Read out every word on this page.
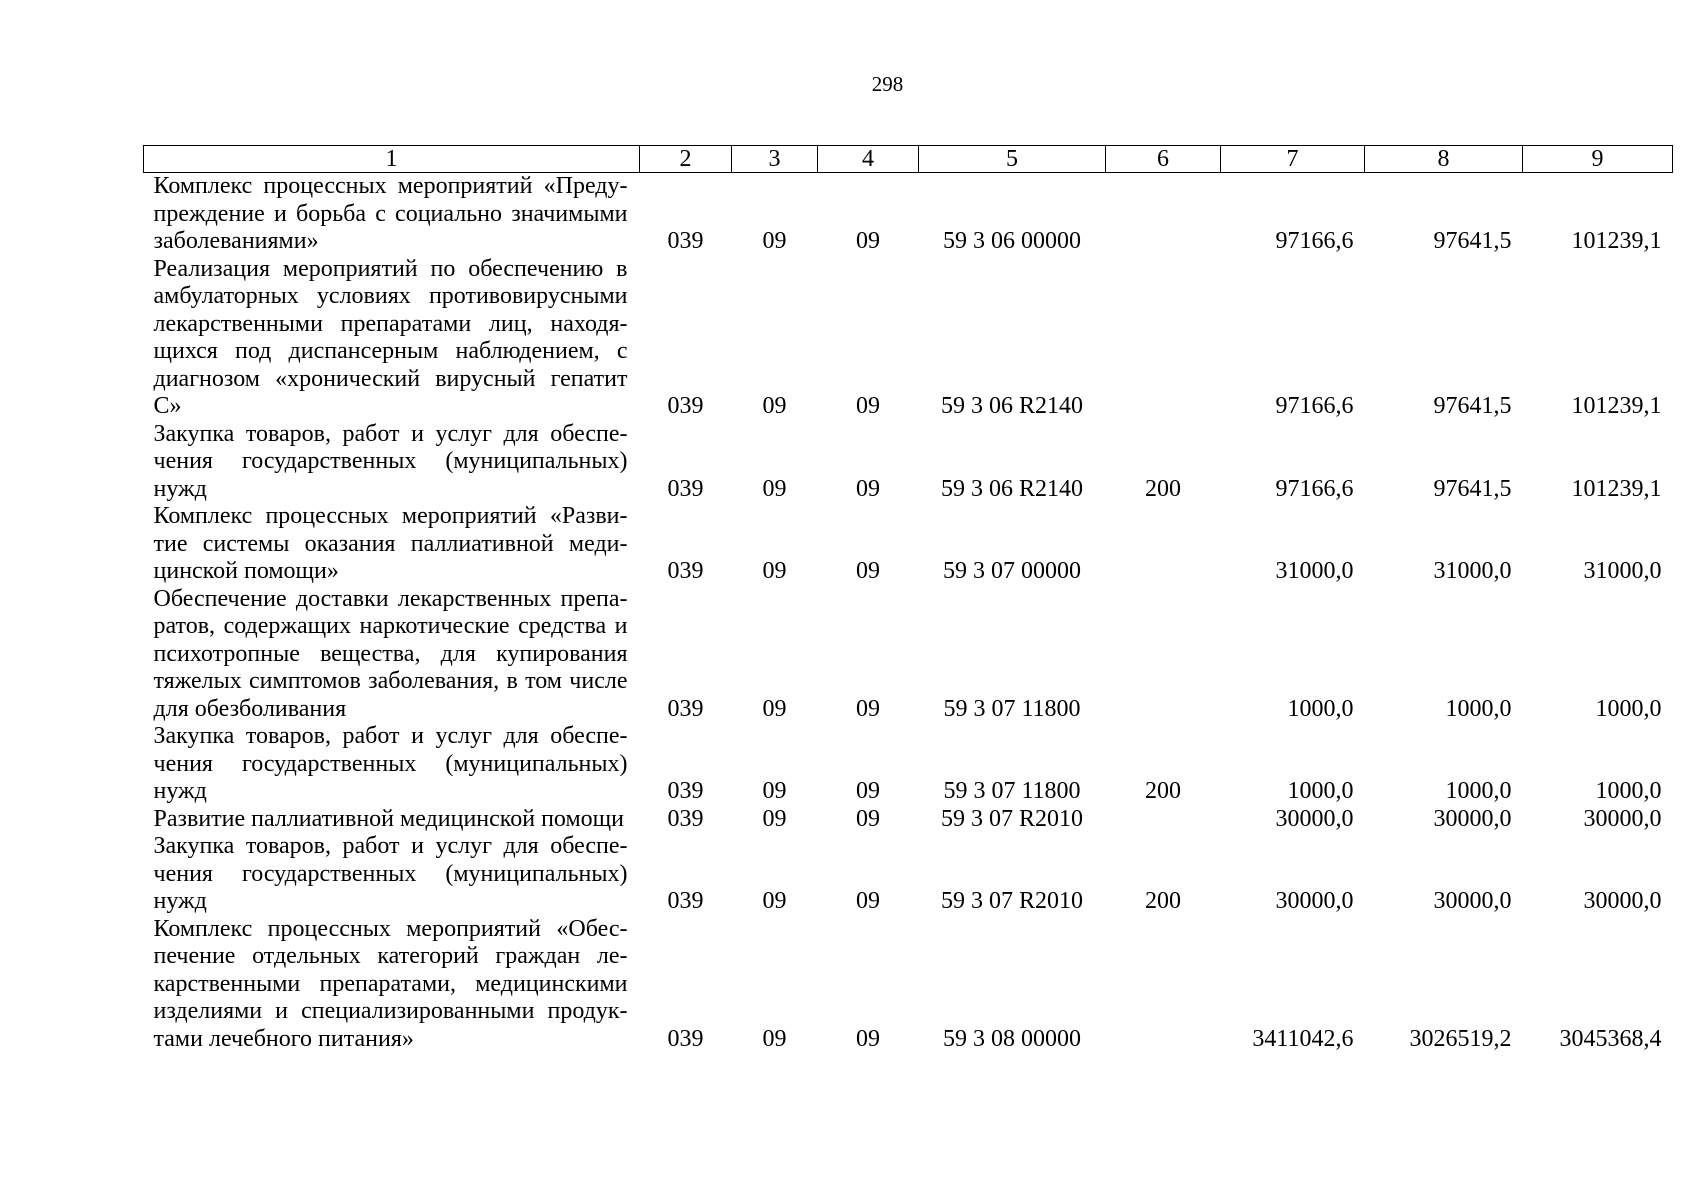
298
1	2	3	4	5	6	7	8	9
Комплекс процессных мероприятий «Предупреждение и борьба с социально значимыми заболеваниями»	039	09	09	59 3 06 00000		97166,6	97641,5	101239,1
Реализация мероприятий по обеспечению в амбулаторных условиях противовирусными лекарственными препаратами лиц, находящихся под диспансерным наблюдением, с диагнозом «хронический вирусный гепатит С»	039	09	09	59 3 06 R2140		97166,6	97641,5	101239,1
Закупка товаров, работ и услуг для обеспечения государственных (муниципальных) нужд	039	09	09	59 3 06 R2140	200	97166,6	97641,5	101239,1
Комплекс процессных мероприятий «Развитие системы оказания паллиативной медицинской помощи»	039	09	09	59 3 07 00000		31000,0	31000,0	31000,0
Обеспечение доставки лекарственных препаратов, содержащих наркотические средства и психотропные вещества, для купирования тяжелых симптомов заболевания, в том числе для обезболивания	039	09	09	59 3 07 11800		1000,0	1000,0	1000,0
Закупка товаров, работ и услуг для обеспечения государственных (муниципальных) нужд	039	09	09	59 3 07 11800	200	1000,0	1000,0	1000,0
Развитие паллиативной медицинской помощи	039	09	09	59 3 07 R2010		30000,0	30000,0	30000,0
Закупка товаров, работ и услуг для обеспечения государственных (муниципальных) нужд	039	09	09	59 3 07 R2010	200	30000,0	30000,0	30000,0
Комплекс процессных мероприятий «Обеспечение отдельных категорий граждан лекарственными препаратами, медицинскими изделиями и специализированными продуктами лечебного питания»	039	09	09	59 3 08 00000		3411042,6	3026519,2	3045368,4
